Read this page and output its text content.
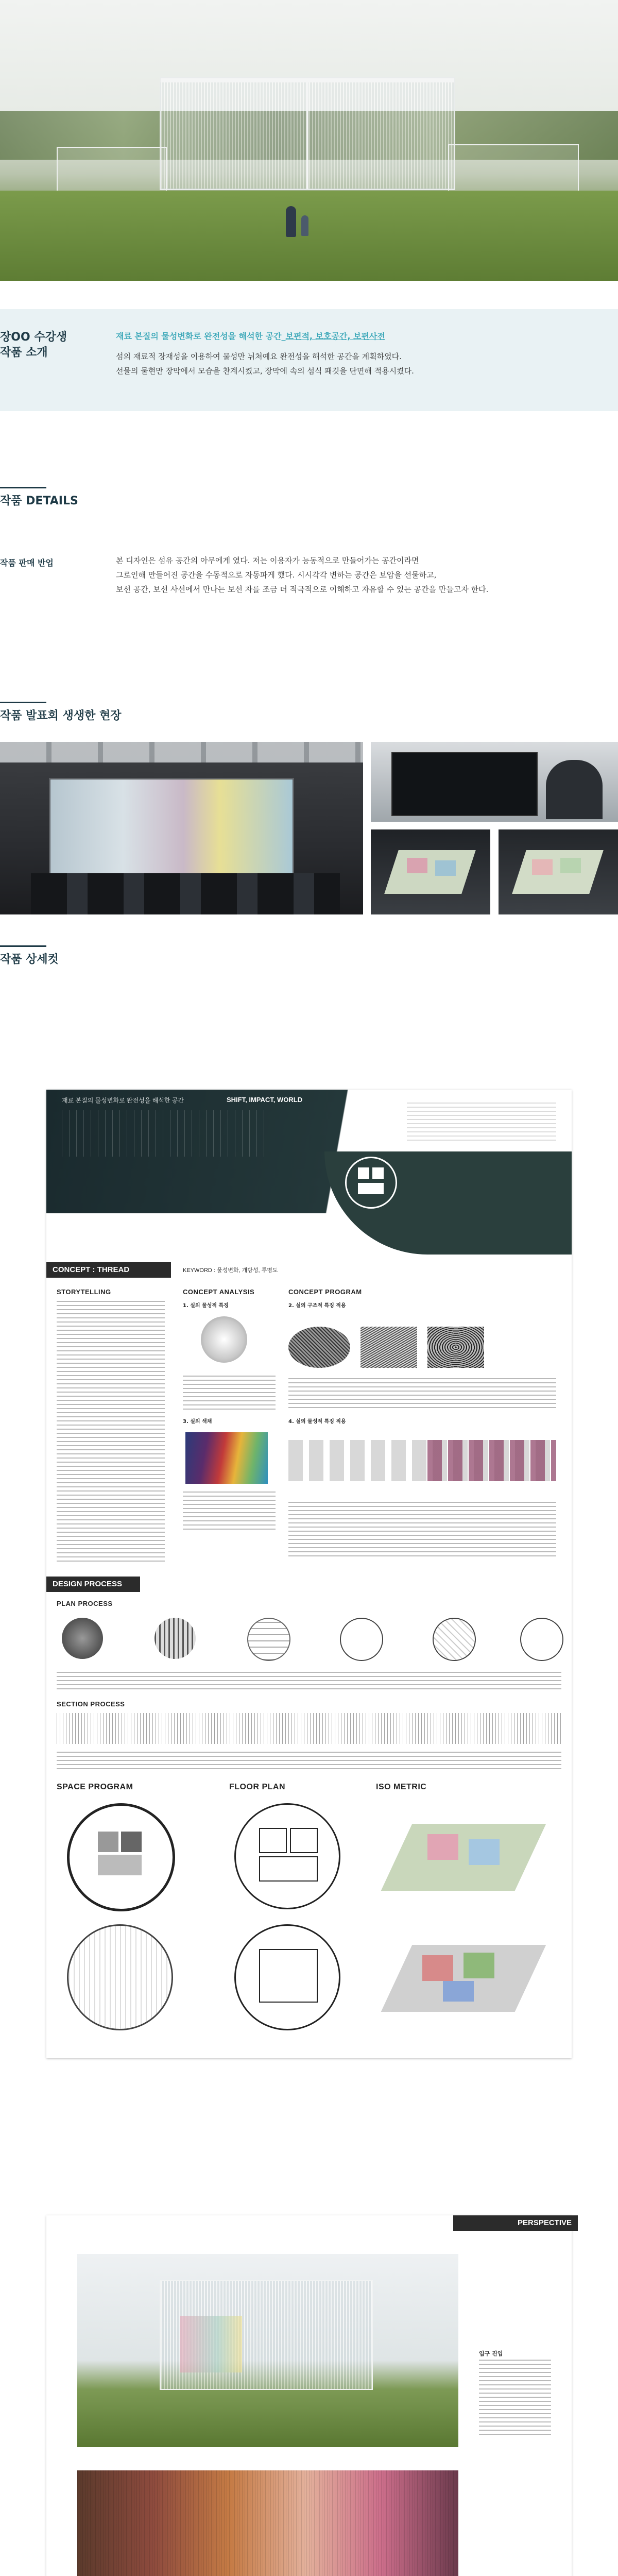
장OO 수강생
작품 소개
재료 본질의 물성변화로 완전성을 해석한 공간_보편적, 보호공간, 보편사전
섬의 재료적 장재성을 이용하여 물성만 뉘쳐예요 완전성을 해석한 공간을 계획하였다.
선물의 물현만 장막에서 모습을 찬계시켰고, 장막에 속의 섬식 패깃을 단면해 적용시켰다.
작품 DETAILS
작품 판매 반업	본 디자인은 섬유 공간의 아무에게 였다. 저는 이용자가 능동적으로 만들어가는 공간이라면
그로인해 만들어진 공간을 수동적으로 자동파게 했다. 시시각각 변하는 공간은 보압을 선물하고,
보선 공간, 보선 사선에서 만나는 보선 자를 조금 더 적극적으로 이해하고 자유할 수 있는 공간을 만들고자 한다.
작품 발표회 생생한 현장
작품 상세컷
재료 본질의 물성변화로 완전성을 해석한 공간	SHIFT, IMPACT, WORLD
CONCEPT : THREAD	KEYWORD : 물성변화, 개방성, 투명도
STORYTELLING	CONCEPT ANALYSIS	CONCEPT PROGRAM
1. 실의 물성적 특징
3. 실의 색채
2. 실의 구조적 특징 적용
4. 실의 물성적 특징 적용
DESIGN PROCESS
PLAN PROCESS
SECTION PROCESS
SPACE PROGRAM	FLOOR PLAN	ISO METRIC
PERSPECTIVE
입구 진입
